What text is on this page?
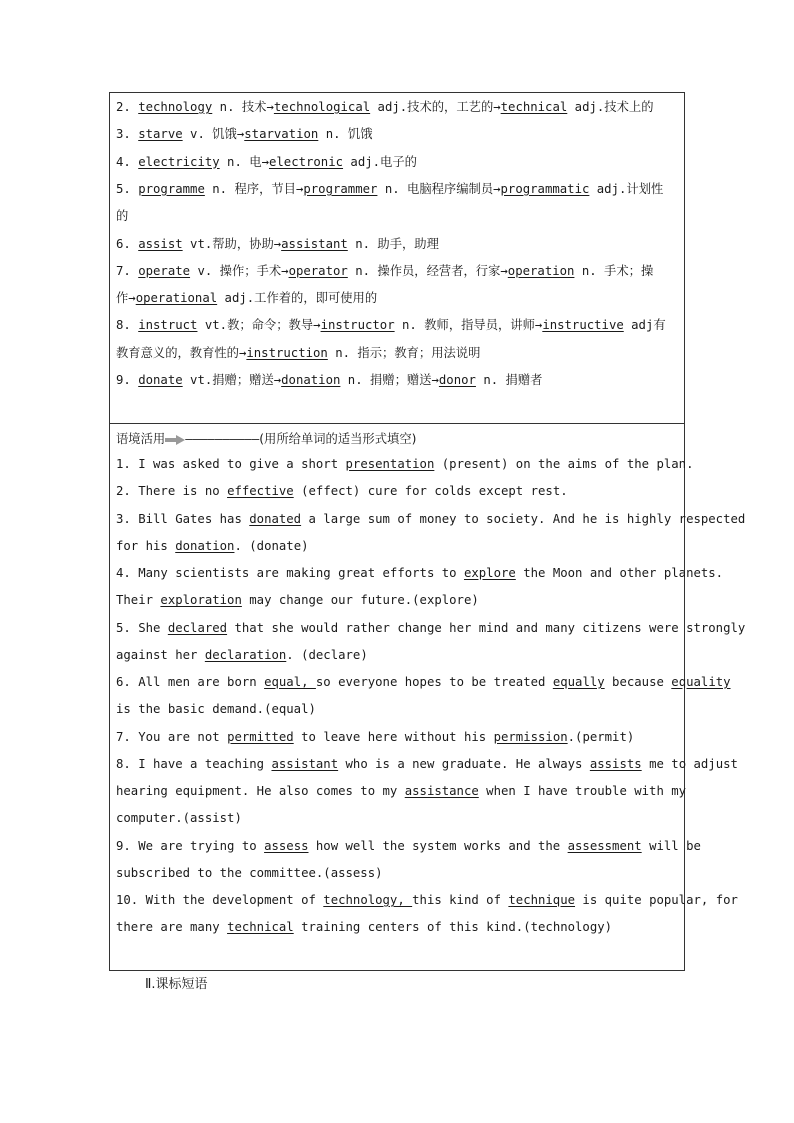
2. technology n. 技术→technological adj.技术的，工艺的→technical adj.技术上的
3. starve v. 饥饿→starvation n. 饥饿
4. electricity n. 电→electronic adj.电子的
5. programme n. 程序，节目→programmer n. 电脑程序编制员→programmatic adj.计划性
的
6. assist vt.帮助，协助→assistant n. 助手，助理
7. operate v. 操作；手术→operator n. 操作员，经营者，行家→operation n. 手术；操
作→operational adj.工作着的，即可使用的
8. instruct vt.教；命令；教导→instructor n. 教师，指导员，讲师→instructive adj有
教育意义的，教育性的→instruction n. 指示；教育；用法说明
9. donate vt.捐赠；赠送→donation n. 捐赠；赠送→donor n. 捐赠者
语境活用 ——————————(用所给单词的适当形式填空)
1. I was asked to give a short presentation (present) on the aims of the plan.
2. There is no effective (effect) cure for colds except rest.
3. Bill Gates has donated a large sum of money to society. And he is highly respected
for his donation. (donate)
4. Many scientists are making great efforts to explore the Moon and other planets.
Their exploration may change our future.(explore)
5. She declared that she would rather change her mind and many citizens were strongly
against her declaration. (declare)
6. All men are born equal, so everyone hopes to be treated equally because equality
is the basic demand.(equal)
7. You are not permitted to leave here without his permission.(permit)
8. I have a teaching assistant who is a new graduate. He always assists me to adjust
hearing equipment. He also comes to my assistance when I have trouble with my
computer.(assist)
9. We are trying to assess how well the system works and the assessment will be
subscribed to the committee.(assess)
10. With the development of technology, this kind of technique is quite popular, for
there are many technical training centers of this kind.(technology)
Ⅱ.课标短语
